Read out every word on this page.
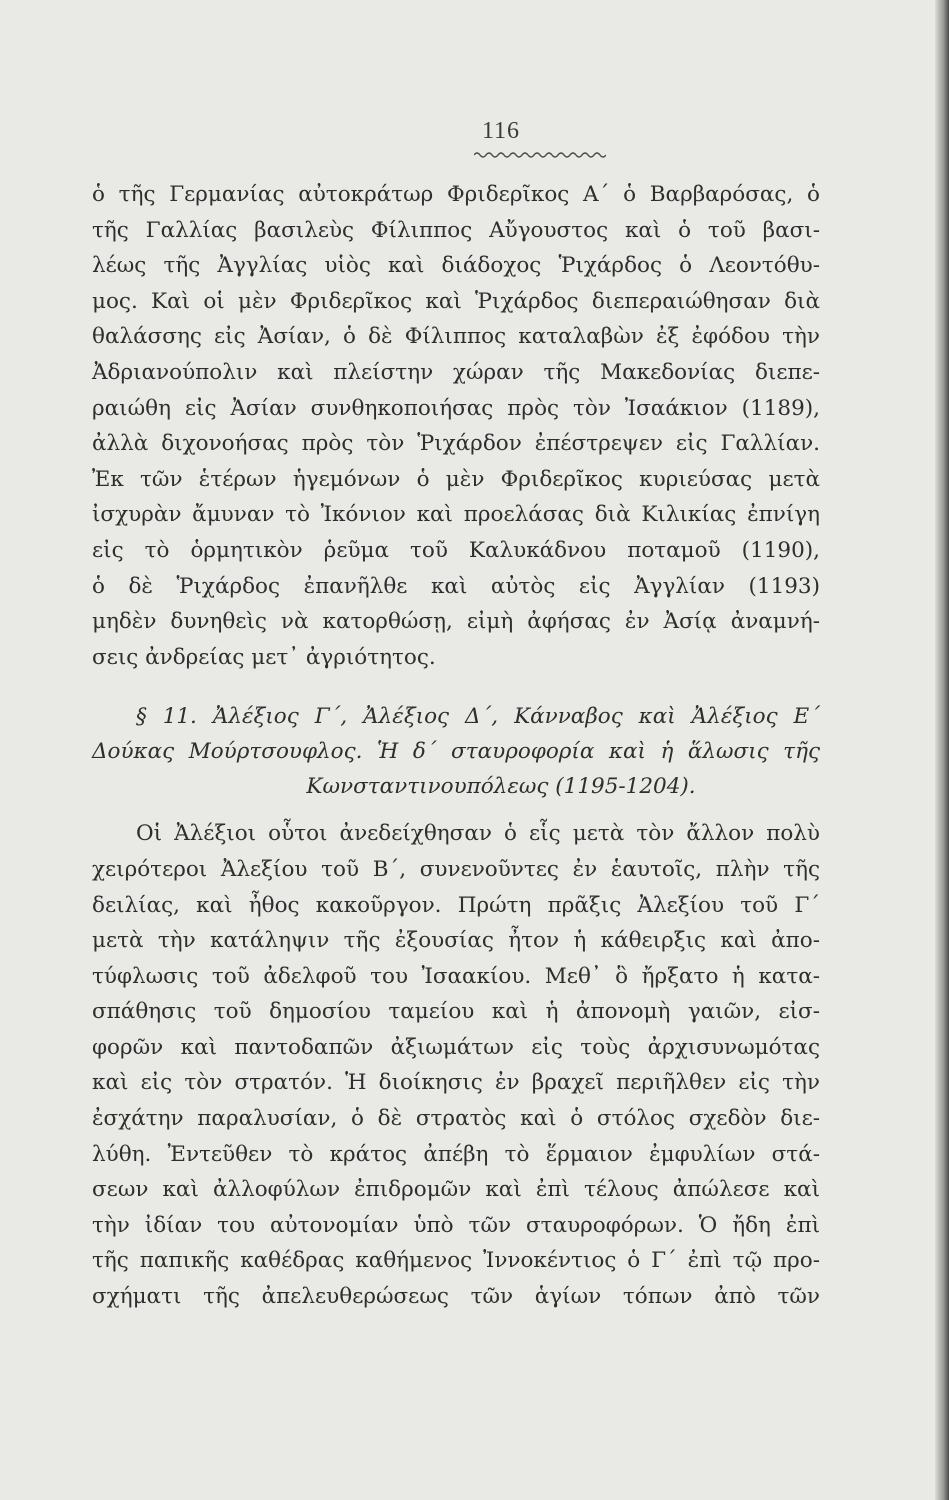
116
ὁ τῆς Γερμανίας αὐτοκράτωρ Φριδερῖκος Α΄ ὁ Βαρβαρόσας, ὁ
τῆς Γαλλίας βασιλεὺς Φίλιππος Αὔγουστος καὶ ὁ τοῦ βασι-
λέως τῆς Ἀγγλίας υἱὸς καὶ διάδοχος Ῥιχάρδος ὁ Λεοντόθυ-
μος. Καὶ οἱ μὲν Φριδερῖκος καὶ Ῥιχάρδος διεπεραιώθησαν διὰ
θαλάσσης εἰς Ἀσίαν, ὁ δὲ Φίλιππος καταλαβὼν ἐξ ἐφόδου τὴν
Ἀδριανούπολιν καὶ πλείστην χώραν τῆς Μακεδονίας διεπε-
ραιώθη εἰς Ἀσίαν συνθηκοποιήσας πρὸς τὸν Ἰσαάκιον (1189),
ἀλλὰ διχονοήσας πρὸς τὸν Ῥιχάρδον ἐπέστρεψεν εἰς Γαλλίαν.
Ἐκ τῶν ἑτέρων ἡγεμόνων ὁ μὲν Φριδερῖκος κυριεύσας μετὰ
ἰσχυρὰν ἄμυναν τὸ Ἰκόνιον καὶ προελάσας διὰ Κιλικίας ἐπνίγη
εἰς τὸ ὁρμητικὸν ῥεῦμα τοῦ Καλυκάδνου ποταμοῦ (1190),
ὁ δὲ Ῥιχάρδος ἐπανῆλθε καὶ αὐτὸς εἰς Ἀγγλίαν (1193)
μηδὲν δυνηθεὶς νὰ κατορθώσῃ, εἰμὴ ἀφήσας ἐν Ἀσίᾳ ἀναμνή-
σεις ἀνδρείας μετ᾽ ἀγριότητος.
§ 11. Ἀλέξιος Γ΄, Ἀλέξιος Δ΄, Κάνναβος καὶ Ἀλέξιος Ε΄
Δούκας Μούρτσουφλος. Ἡ δ΄ σταυροφορία καὶ ἡ ἅλωσις τῆς
Κωνσταντινουπόλεως (1195-1204).
Οἱ Ἀλέξιοι οὗτοι ἀνεδείχθησαν ὁ εἷς μετὰ τὸν ἄλλον πολὺ
χειρότεροι Ἀλεξίου τοῦ Β΄, συνενοῦντες ἐν ἑαυτοῖς, πλὴν τῆς
δειλίας, καὶ ἦθος κακοῦργον. Πρώτη πρᾶξις Ἀλεξίου τοῦ Γ΄
μετὰ τὴν κατάληψιν τῆς ἐξουσίας ἦτον ἡ κάθειρξις καὶ ἀπο-
τύφλωσις τοῦ ἀδελφοῦ του Ἰσαακίου. Μεθ᾽ ὃ ἤρξατο ἡ κατα-
σπάθησις τοῦ δημοσίου ταμείου καὶ ἡ ἀπονομὴ γαιῶν, εἰσ-
φορῶν καὶ παντοδαπῶν ἀξιωμάτων εἰς τοὺς ἀρχισυνωμότας
καὶ εἰς τὸν στρατόν. Ἡ διοίκησις ἐν βραχεῖ περιῆλθεν εἰς τὴν
ἐσχάτην παραλυσίαν, ὁ δὲ στρατὸς καὶ ὁ στόλος σχεδὸν διε-
λύθη. Ἐντεῦθεν τὸ κράτος ἀπέβη τὸ ἕρμαιον ἐμφυλίων στά-
σεων καὶ ἀλλοφύλων ἐπιδρομῶν καὶ ἐπὶ τέλους ἀπώλεσε καὶ
τὴν ἰδίαν του αὐτονομίαν ὑπὸ τῶν σταυροφόρων. Ὁ ἤδη ἐπὶ
τῆς παπικῆς καθέδρας καθήμενος Ἰννοκέντιος ὁ Γ΄ ἐπὶ τῷ προ-
σχήματι τῆς ἀπελευθερώσεως τῶν ἁγίων τόπων ἀπὸ τῶν
